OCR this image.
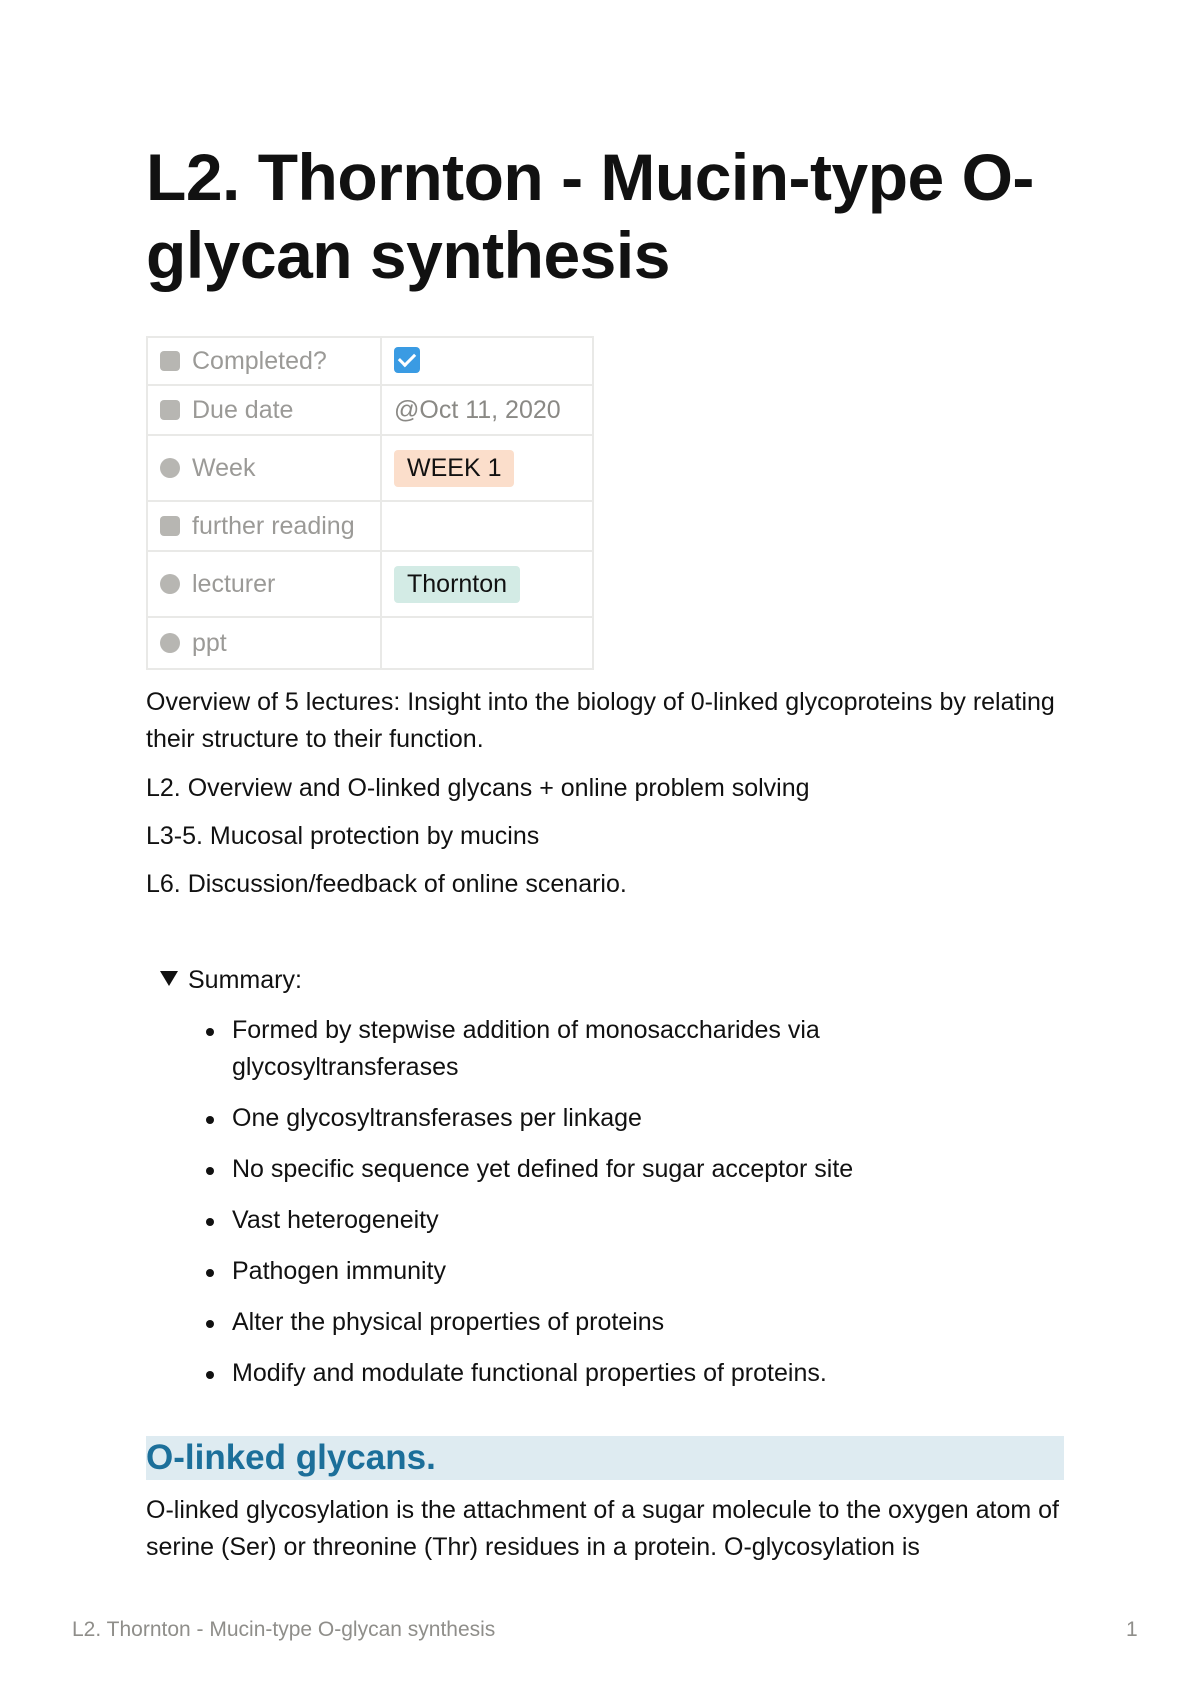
L2. Thornton - Mucin-type O-glycan synthesis
Completed?	
Due date	@Oct 11, 2020
Week	WEEK 1
further reading	
lecturer	Thornton
ppt	

Overview of 5 lectures: Insight into the biology of 0-linked glycoproteins by relating their structure to their function.

L2. Overview and O-linked glycans + online problem solving

L3-5. Mucosal protection by mucins

L6. Discussion/feedback of online scenario.

Summary:
Formed by stepwise addition of monosaccharides via glycosyltransferases
One glycosyltransferases per linkage
No specific sequence yet defined for sugar acceptor site
Vast heterogeneity
Pathogen immunity
Alter the physical properties of proteins
Modify and modulate functional properties of proteins.
O-linked glycans.

O-linked glycosylation is the attachment of a sugar molecule to the oxygen atom of serine (Ser) or threonine (Thr) residues in a protein. O-glycosylation is

L2. Thornton - Mucin-type O-glycan synthesis	1
